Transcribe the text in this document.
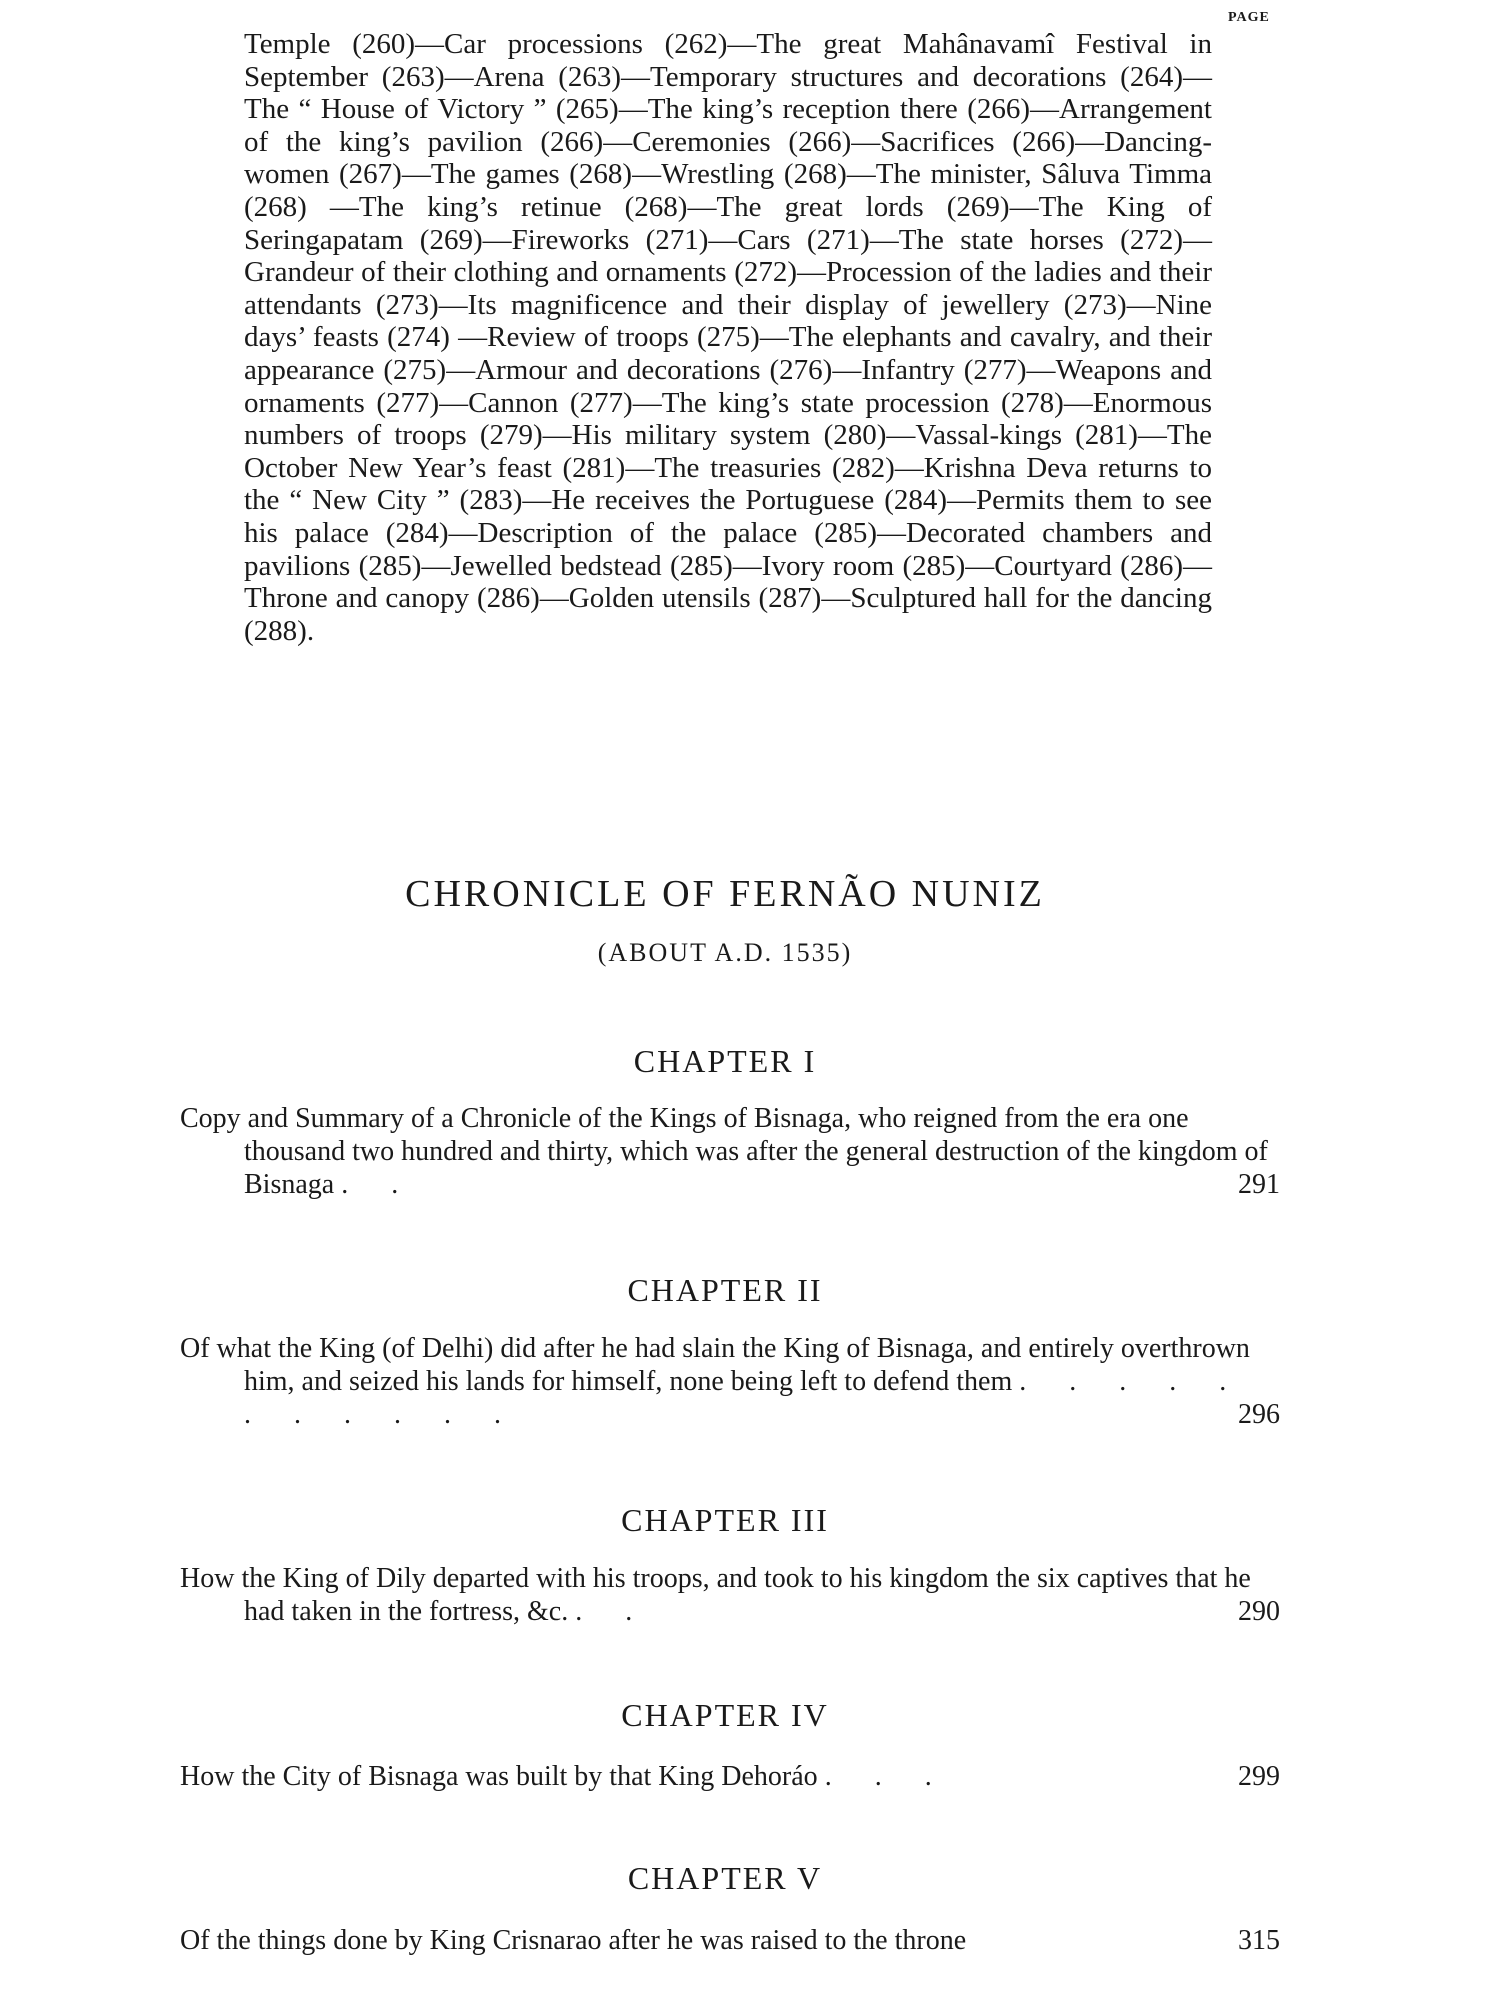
PAGE

Temple (260)—Car processions (262)—The great Mahânavamî Festival in September (263)—Arena (263)—Temporary structures and decorations (264)—The “ House of Victory ” (265)—The king’s reception there (266)—Arrangement of the king’s pavilion (266)—Ceremonies (266)—Sacrifices (266)—Dancing-women (267)—The games (268)—Wrestling (268)—The minister, Sâluva Timma (268) —The king’s retinue (268)—The great lords (269)—The King of Seringapatam (269)—Fireworks (271)—Cars (271)—The state horses (272)—Grandeur of their clothing and ornaments (272)—Procession of the ladies and their attendants (273)—Its magnificence and their display of jewellery (273)—Nine days’ feasts (274) —Review of troops (275)—The elephants and cavalry, and their appearance (275)—Armour and decorations (276)—Infantry (277)—Weapons and ornaments (277)—Cannon (277)—The king’s state procession (278)—Enormous numbers of troops (279)—His military system (280)—Vassal-kings (281)—The October New Year’s feast (281)—The treasuries (282)—Krishna Deva returns to the “ New City ” (283)—He receives the Portuguese (284)—Permits them to see his palace (284)—Description of the palace (285)—Decorated chambers and pavilions (285)—Jewelled bedstead (285)—Ivory room (285)—Courtyard (286)—Throne and canopy (286)—Golden utensils (287)—Sculptured hall for the dancing (288).

CHRONICLE OF FERNÃO NUNIZ
(ABOUT A.D. 1535)
CHAPTER I
Copy and Summary of a Chronicle of the Kings of Bisnaga, who reigned from the era one thousand two hundred and thirty, which was after the general destruction of the kingdom of Bisnaga . .	291
CHAPTER II
Of what the King (of Delhi) did after he had slain the King of Bisnaga, and entirely overthrown him, and seized his lands for himself, none being left to defend them . . . . . . . . . . .	296
CHAPTER III
How the King of Dily departed with his troops, and took to his kingdom the six captives that he had taken in the fortress, &c. . .	290
CHAPTER IV
How the City of Bisnaga was built by that King Dehoráo . . .	299
CHAPTER V
Of the things done by King Crisnarao after he was raised to the throne	315
